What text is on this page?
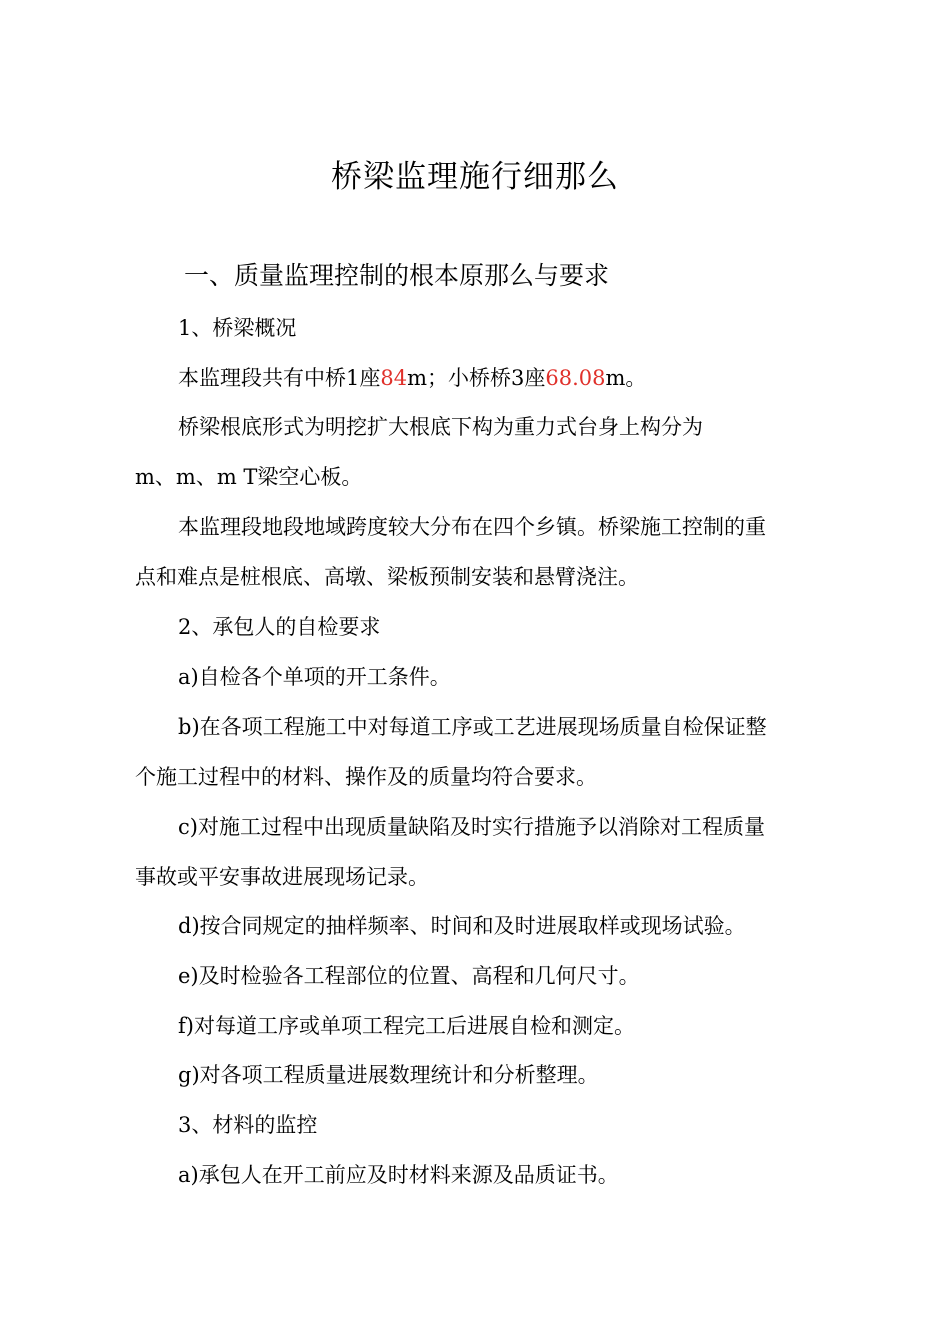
桥梁监理施行细那么
一、质量监理控制的根本原那么与要求
1、桥梁概况
本监理段共有中桥1座84m；小桥桥3座68.08m。
桥梁根底形式为明挖扩大根底下构为重力式台身上构分为
m、m、m T梁空心板。
本监理段地段地域跨度较大分布在四个乡镇。桥梁施工控制的重
点和难点是桩根底、高墩、梁板预制安装和悬臂浇注。
2、承包人的自检要求
a)自检各个单项的开工条件。
b)在各项工程施工中对每道工序或工艺进展现场质量自检保证整
个施工过程中的材料、操作及的质量均符合要求。
c)对施工过程中出现质量缺陷及时实行措施予以消除对工程质量
事故或平安事故进展现场记录。
d)按合同规定的抽样频率、时间和及时进展取样或现场试验。
e)及时检验各工程部位的位置、高程和几何尺寸。
f)对每道工序或单项工程完工后进展自检和测定。
g)对各项工程质量进展数理统计和分析整理。
3、材料的监控
a)承包人在开工前应及时材料来源及品质证书。
